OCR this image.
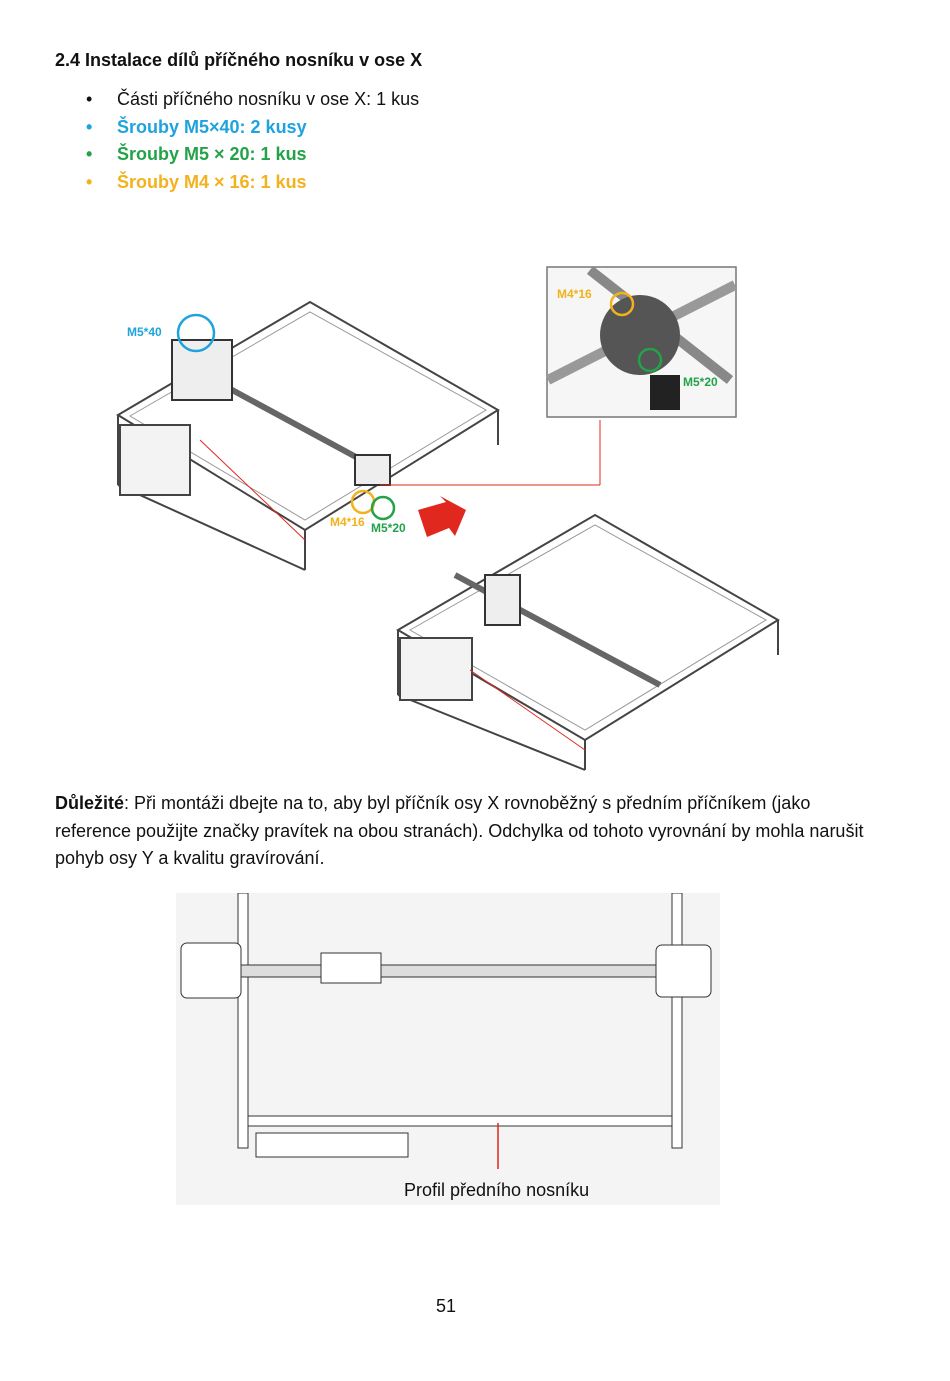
2.4 Instalace dílů příčného nosníku v ose X
• Části příčného nosníku v ose X: 1 kus
• Šrouby M5×40: 2 kusy
• Šrouby M5 × 20: 1 kus
• Šrouby M4 × 16: 1 kus
M5*40
M4*16 M5*20
M4*16
M5*20
Důležité: Při montáži dbejte na to, aby byl příčník osy X rovnoběžný s předním příčníkem (jako reference použijte značky pravítek na obou stranách). Odchylka od tohoto vyrovnání by mohla narušit pohyb osy Y a kvalitu gravírování.
Profil předního nosníku
51
